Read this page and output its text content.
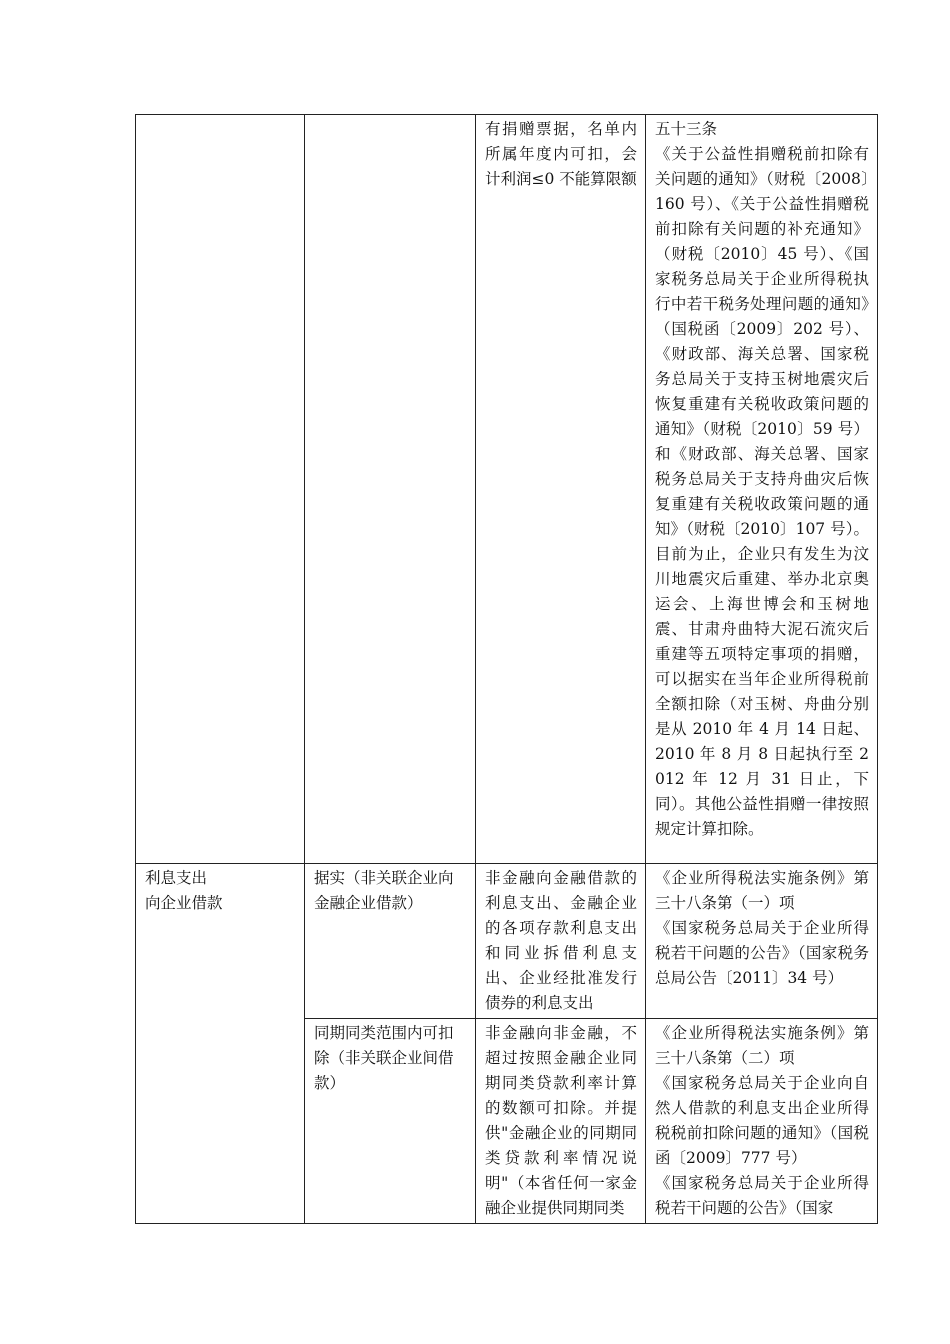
		有捐赠票据，名单内所属年度内可扣，会计利润≤0 不能算限额	五十三条
《关于公益性捐赠税前扣除有关问题的通知》（财税〔2008〕160 号）、《关于公益性捐赠税前扣除有关问题的补充通知》（财税〔2010〕45 号）、《国家税务总局关于企业所得税执行中若干税务处理问题的通知》（国税函〔2009〕202 号）、《财政部、海关总署、国家税务总局关于支持玉树地震灾后恢复重建有关税收政策问题的通知》（财税〔2010〕59 号）和《财政部、海关总署、国家税务总局关于支持舟曲灾后恢复重建有关税收政策问题的通知》（财税〔2010〕107 号）。目前为止，企业只有发生为汶川地震灾后重建、举办北京奥运会、上海世博会和玉树地震、甘肃舟曲特大泥石流灾后重建等五项特定事项的捐赠，可以据实在当年企业所得税前全额扣除（对玉树、舟曲分别是从 2010 年 4 月 14 日起、2010 年 8 月 8 日起执行至 2012 年 12 月 31 日止，下同）。其他公益性捐赠一律按照规定计算扣除。

利息支出
向企业借款	据实（非关联企业向金融企业借款）	非金融向金融借款的利息支出、金融企业的各项存款利息支出和同业拆借利息支出、企业经批准发行债券的利息支出	《企业所得税法实施条例》第三十八条第（一）项
《国家税务总局关于企业所得税若干问题的公告》（国家税务总局公告〔2011〕34 号）

	同期同类范围内可扣除（非关联企业间借款）	非金融向非金融，不超过按照金融企业同期同类贷款利率计算的数额可扣除。并提供"金融企业的同期同类贷款利率情况说明"（本省任何一家金融企业提供同期同类	《企业所得税法实施条例》第三十八条第（二）项
《国家税务总局关于企业向自然人借款的利息支出企业所得税税前扣除问题的通知》（国税函〔2009〕777 号）
《国家税务总局关于企业所得税若干问题的公告》（国家
